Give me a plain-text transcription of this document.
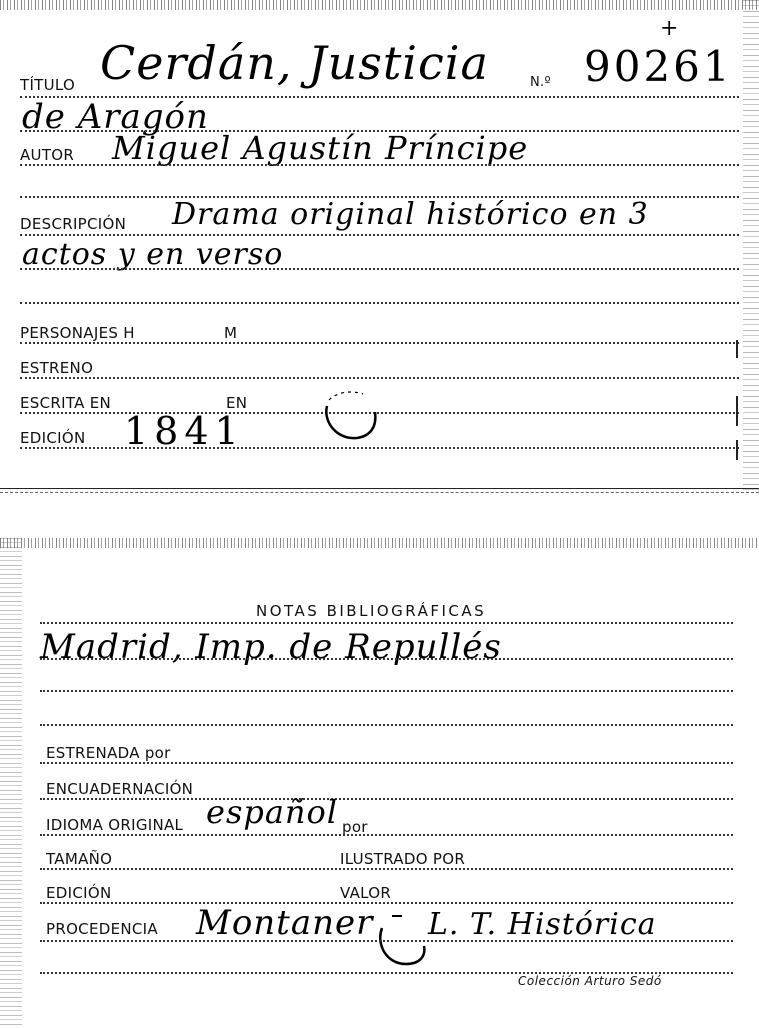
TÍTULO Cerdán, Justicia	N.º 90261
+
de Aragón
AUTOR Miguel Agustín Príncipe
DESCRIPCIÓN Drama original histórico en 3
actos y en verso
PERSONAJES H	M
ESTRENO
ESCRITA EN	EN
EDICIÓN 1841
NOTAS BIBLIOGRÁFICAS
Madrid, Imp. de Repullés
ESTRENADA por
ENCUADERNACIÓN
IDIOMA ORIGINAL español por
TAMAÑO	ILUSTRADO POR
EDICIÓN	VALOR
PROCEDENCIA Montaner L. T. Histórica
Colección Arturo Sedó
